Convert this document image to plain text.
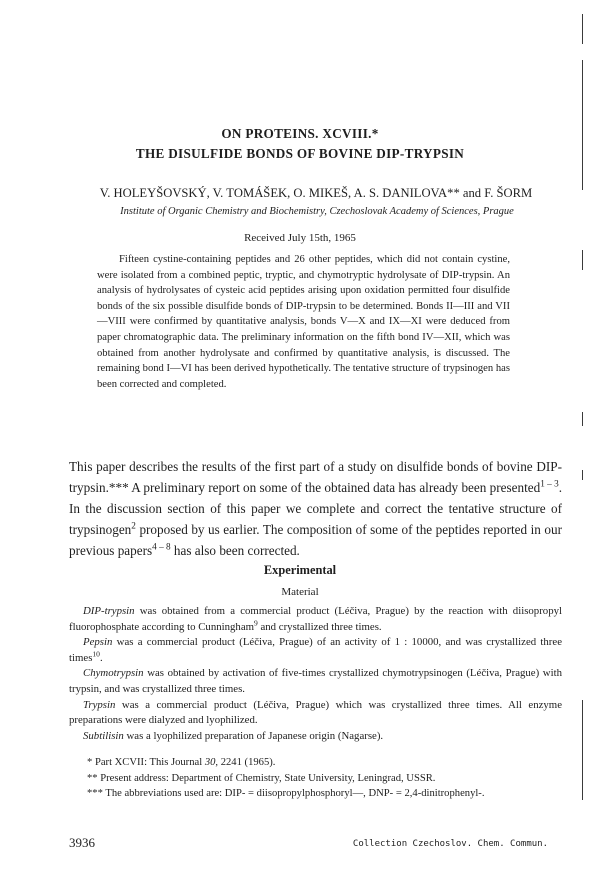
ON PROTEINS. XCVIII.*
THE DISULFIDE BONDS OF BOVINE DIP-TRYPSIN
V. HOLEYŠOVSKÝ, V. TOMÁŠEK, O. MIKEŠ, A. S. DANILOVA** and F. ŠORM
Institute of Organic Chemistry and Biochemistry, Czechoslovak Academy of Sciences, Prague
Received July 15th, 1965

Fifteen cystine-containing peptides and 26 other peptides, which did not contain cystine, were isolated from a combined peptic, tryptic, and chymotryptic hydrolysate of DIP-trypsin. An analysis of hydrolysates of cysteic acid peptides arising upon oxidation permitted four disulfide bonds of the six possible disulfide bonds of DIP-trypsin to be determined. Bonds II—III and VII—VIII were confirmed by quantitative analysis, bonds V—X and IX—XI were deduced from paper chromatographic data. The preliminary information on the fifth bond IV—XII, which was obtained from another hydrolysate and confirmed by quantitative analysis, is discussed. The remaining bond I—VI has been derived hypothetically. The tentative structure of trypsinogen has been corrected and completed.

This paper describes the results of the first part of a study on disulfide bonds of bovine DIP-trypsin.*** A preliminary report on some of the obtained data has already been presented$^{1 - 3}$. In the discussion section of this paper we complete and correct the tentative structure of trypsinogen$^2$ proposed by us earlier. The composition of some of the peptides reported in our previous papers$^{4 - 8}$ has also been corrected.

Experimental
Material

DIP-trypsin was obtained from a commercial product (Léčiva, Prague) by the reaction with diisopropyl fluorophosphate according to Cunningham$^9$ and crystallized three times.

Pepsin was a commercial product (Léčiva, Prague) of an activity of 1 : 10000, and was crystallized three times$^{10}$.

Chymotrypsin was obtained by activation of five-times crystallized chymotrypsinogen (Léčiva, Prague) with trypsin, and was crystallized three times.

Trypsin was a commercial product (Léčiva, Prague) which was crystallized three times. All enzyme preparations were dialyzed and lyophilized.

Subtilisin was a lyophilized preparation of Japanese origin (Nagarse).

* Part XCVII: This Journal 30, 2241 (1965).

** Present address: Department of Chemistry, State University, Leningrad, USSR.

*** The abbreviations used are: DIP- = diisopropylphosphoryl—, DNP- = 2,4-dinitrophenyl-.

3936	Collection Czechoslov. Chem. Commun.
